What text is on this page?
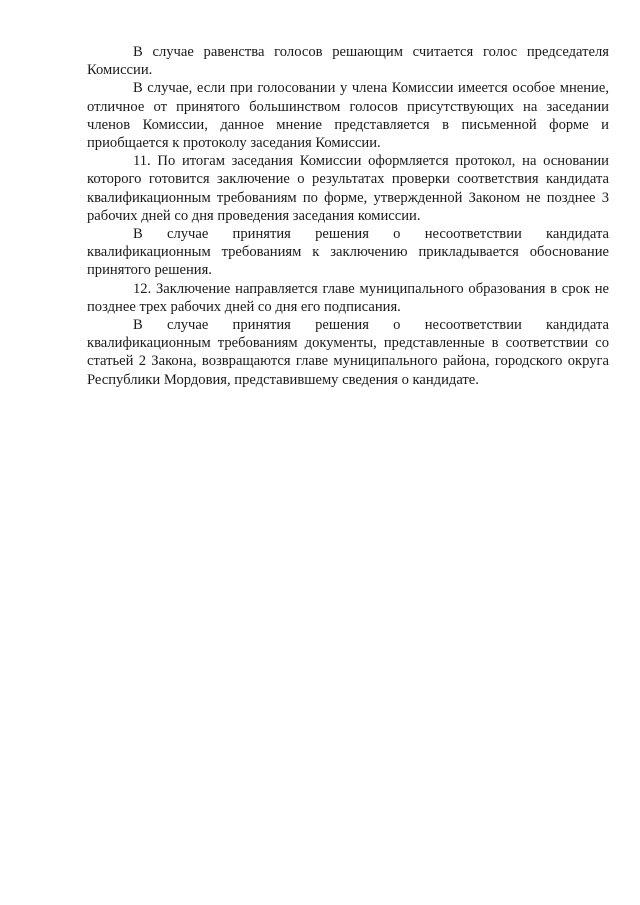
В случае равенства голосов решающим считается голос председателя Комиссии.

В случае, если при голосовании у члена Комиссии имеется особое мнение, отличное от принятого большинством голосов присутствующих на заседании членов Комиссии, данное мнение представляется в письменной форме и приобщается к протоколу заседания Комиссии.

11. По итогам заседания Комиссии оформляется протокол, на основании которого готовится заключение о результатах проверки соответствия кандидата квалификационным требованиям по форме, утвержденной Законом не позднее 3 рабочих дней со дня проведения заседания комиссии.

В случае принятия решения о несоответствии кандидата квалификационным требованиям к заключению прикладывается обоснование принятого решения.

12. Заключение направляется главе муниципального образования в срок не позднее трех рабочих дней со дня его подписания.

В случае принятия решения о несоответствии кандидата квалификационным требованиям документы, представленные в соответствии со статьей 2 Закона, возвращаются главе муниципального района, городского округа Республики Мордовия, представившему сведения о кандидате.
